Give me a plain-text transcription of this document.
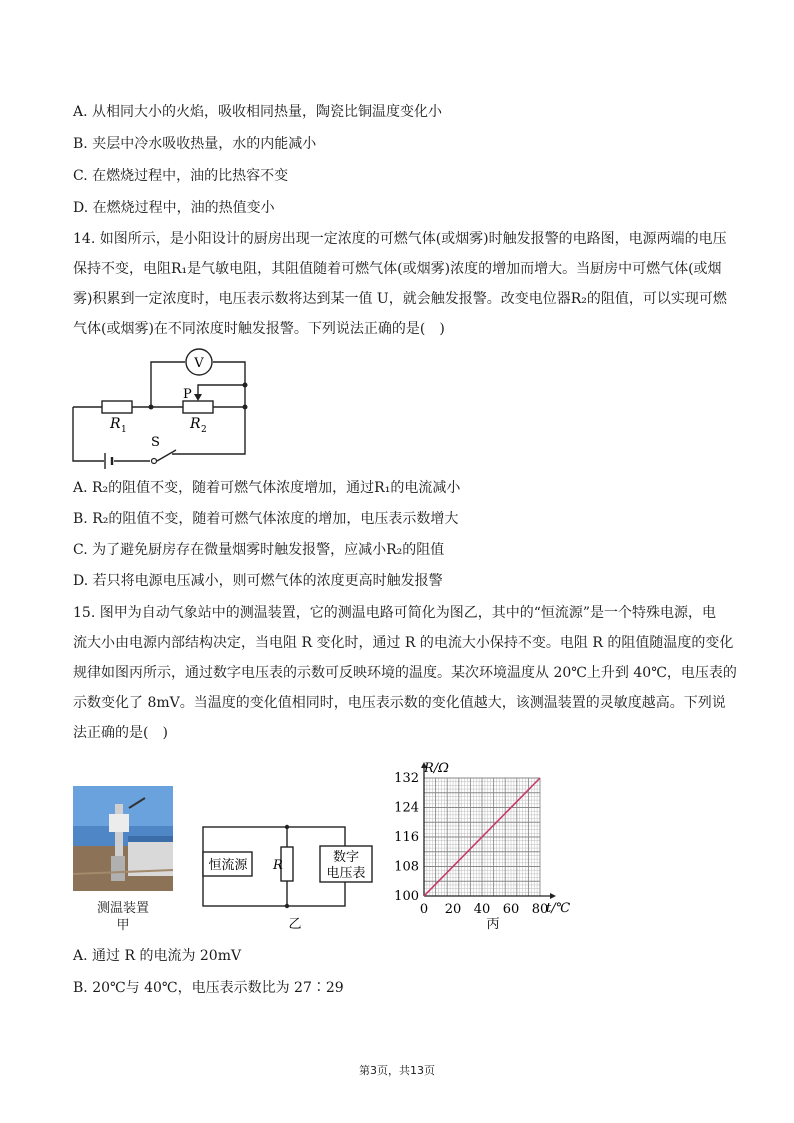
A. 从相同大小的火焰，吸收相同热量，陶瓷比铜温度变化小
B. 夹层中冷水吸收热量，水的内能减小
C. 在燃烧过程中，油的比热容不变
D. 在燃烧过程中，油的热值变小
14. 如图所示，是小阳设计的厨房出现一定浓度的可燃气体(或烟雾)时触发报警的电路图，电源两端的电压
保持不变，电阻R₁是气敏电阻，其阻值随着可燃气体(或烟雾)浓度的增加而增大。当厨房中可燃气体(或烟
雾)积累到一定浓度时，电压表示数将达到某一值 U，就会触发报警。改变电位器R₂的阻值，可以实现可燃
气体(或烟雾)在不同浓度时触发报警。下列说法正确的是(　)
V
P
R 1	R 2
S
A. R₂的阻值不变，随着可燃气体浓度增加，通过R₁的电流减小
B. R₂的阻值不变，随着可燃气体浓度的增加，电压表示数增大
C. 为了避免厨房存在微量烟雾时触发报警，应减小R₂的阻值
D. 若只将电源电压减小，则可燃气体的浓度更高时触发报警
15. 图甲为自动气象站中的测温装置，它的测温电路可简化为图乙，其中的“恒流源”是一个特殊电源，电
流大小由电源内部结构决定，当电阻 R 变化时，通过 R 的电流大小保持不变。电阻 R 的阻值随温度的变化
规律如图丙所示，通过数字电压表的示数可反映环境的温度。某次环境温度从 20℃上升到 40℃，电压表的
示数变化了 8mV。当温度的变化值相同时，电压表示数的变化值越大，该测温装置的灵敏度越高。下列说
法正确的是(　)
测温装置
甲
恒流源 R
数字
电压表
乙
0 20 40 60 80
100
108
116
124
132
R/Ω
t/℃
丙
A. 通过 R 的电流为 20mV
B. 20℃与 40℃，电压表示数比为 27∶29
第3页，共13页
